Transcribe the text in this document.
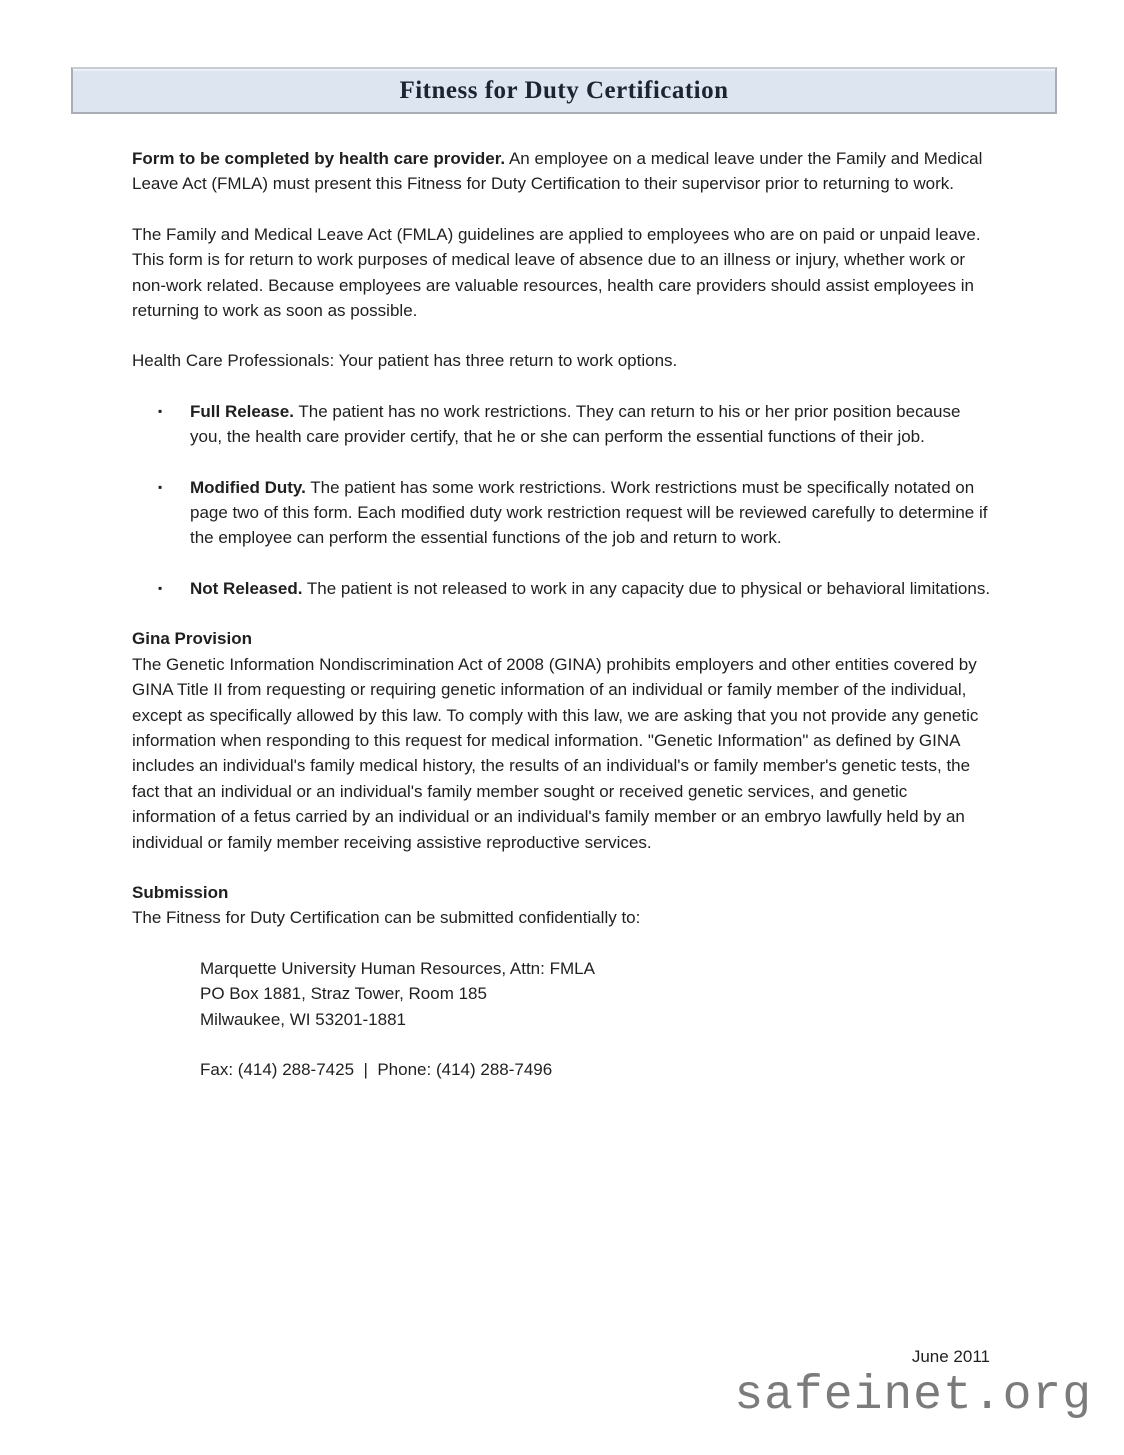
Fitness for Duty Certification

Form to be completed by health care provider. An employee on a medical leave under the Family and Medical Leave Act (FMLA) must present this Fitness for Duty Certification to their supervisor prior to returning to work.

The Family and Medical Leave Act (FMLA) guidelines are applied to employees who are on paid or unpaid leave. This form is for return to work purposes of medical leave of absence due to an illness or injury, whether work or non-work related. Because employees are valuable resources, health care providers should assist employees in returning to work as soon as possible.

Health Care Professionals: Your patient has three return to work options.

▪	Full Release. The patient has no work restrictions. They can return to his or her prior position because you, the health care provider certify, that he or she can perform the essential functions of their job.
▪	Modified Duty. The patient has some work restrictions. Work restrictions must be specifically notated on page two of this form. Each modified duty work restriction request will be reviewed carefully to determine if the employee can perform the essential functions of the job and return to work.
▪	Not Released. The patient is not released to work in any capacity due to physical or behavioral limitations.

Gina Provision

The Genetic Information Nondiscrimination Act of 2008 (GINA) prohibits employers and other entities covered by GINA Title II from requesting or requiring genetic information of an individual or family member of the individual, except as specifically allowed by this law. To comply with this law, we are asking that you not provide any genetic information when responding to this request for medical information. "Genetic Information" as defined by GINA includes an individual's family medical history, the results of an individual's or family member's genetic tests, the fact that an individual or an individual's family member sought or received genetic services, and genetic information of a fetus carried by an individual or an individual's family member or an embryo lawfully held by an individual or family member receiving assistive reproductive services.

Submission

The Fitness for Duty Certification can be submitted confidentially to:

Marquette University Human Resources, Attn: FMLA
PO Box 1881, Straz Tower, Room 185
Milwaukee, WI 53201-1881

Fax: (414) 288-7425  |  Phone: (414) 288-7496

June 2011
safeinet.org
